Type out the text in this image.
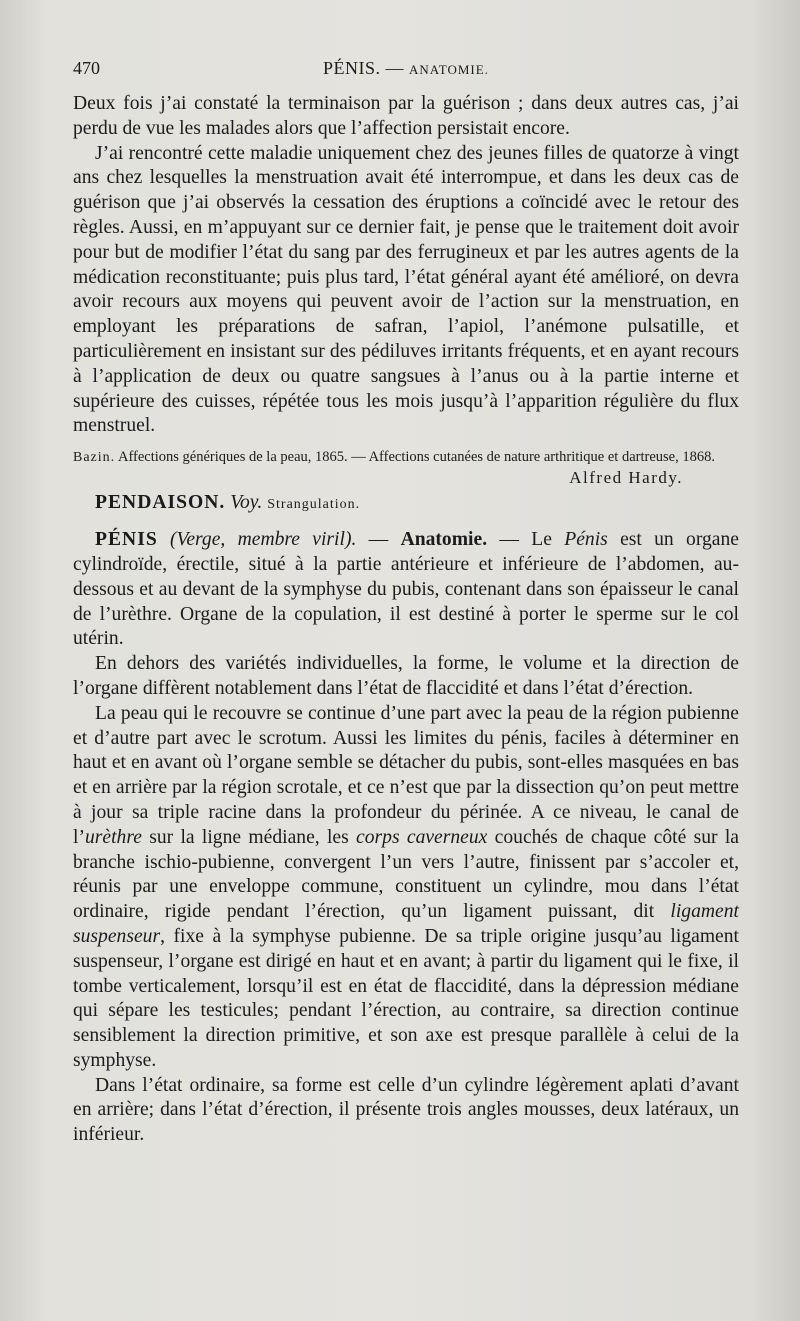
470	PÉNIS. — ANATOMIE.

Deux fois j’ai constaté la terminaison par la guérison ; dans deux autres cas, j’ai perdu de vue les malades alors que l’affection persistait encore.

J’ai rencontré cette maladie uniquement chez des jeunes filles de quatorze à vingt ans chez lesquelles la menstruation avait été interrompue, et dans les deux cas de guérison que j’ai observés la cessation des éruptions a coïncidé avec le retour des règles. Aussi, en m’appuyant sur ce dernier fait, je pense que le traitement doit avoir pour but de modifier l’état du sang par des ferrugineux et par les autres agents de la médication reconstituante; puis plus tard, l’état général ayant été amélioré, on devra avoir recours aux moyens qui peuvent avoir de l’action sur la menstruation, en employant les préparations de safran, l’apiol, l’anémone pulsatille, et particulièrement en insistant sur des pédiluves irritants fréquents, et en ayant recours à l’application de deux ou quatre sangsues à l’anus ou à la partie interne et supérieure des cuisses, répétée tous les mois jusqu’à l’apparition régulière du flux menstruel.

Bazin. Affections génériques de la peau, 1865. — Affections cutanées de nature arthritique et dartreuse, 1868.
Alfred Hardy.

PENDAISON. Voy. Strangulation.

PÉNIS (Verge, membre viril). — Anatomie. — Le Pénis est un organe cylindroïde, érectile, situé à la partie antérieure et inférieure de l’abdomen, au-dessous et au devant de la symphyse du pubis, contenant dans son épaisseur le canal de l’urèthre. Organe de la copulation, il est destiné à porter le sperme sur le col utérin.

En dehors des variétés individuelles, la forme, le volume et la direction de l’organe diffèrent notablement dans l’état de flaccidité et dans l’état d’érection.

La peau qui le recouvre se continue d’une part avec la peau de la région pubienne et d’autre part avec le scrotum. Aussi les limites du pénis, faciles à déterminer en haut et en avant où l’organe semble se détacher du pubis, sont-elles masquées en bas et en arrière par la région scrotale, et ce n’est que par la dissection qu’on peut mettre à jour sa triple racine dans la profondeur du périnée. A ce niveau, le canal de l’urèthre sur la ligne médiane, les corps caverneux couchés de chaque côté sur la branche ischio-pubienne, convergent l’un vers l’autre, finissent par s’accoler et, réunis par une enveloppe commune, constituent un cylindre, mou dans l’état ordinaire, rigide pendant l’érection, qu’un ligament puissant, dit ligament suspenseur, fixe à la symphyse pubienne. De sa triple origine jusqu’au ligament suspenseur, l’organe est dirigé en haut et en avant; à partir du ligament qui le fixe, il tombe verticalement, lorsqu’il est en état de flaccidité, dans la dépression médiane qui sépare les testicules; pendant l’érection, au contraire, sa direction continue sensiblement la direction primitive, et son axe est presque parallèle à celui de la symphyse.

Dans l’état ordinaire, sa forme est celle d’un cylindre légèrement aplati d’avant en arrière; dans l’état d’érection, il présente trois angles mousses, deux latéraux, un inférieur.
